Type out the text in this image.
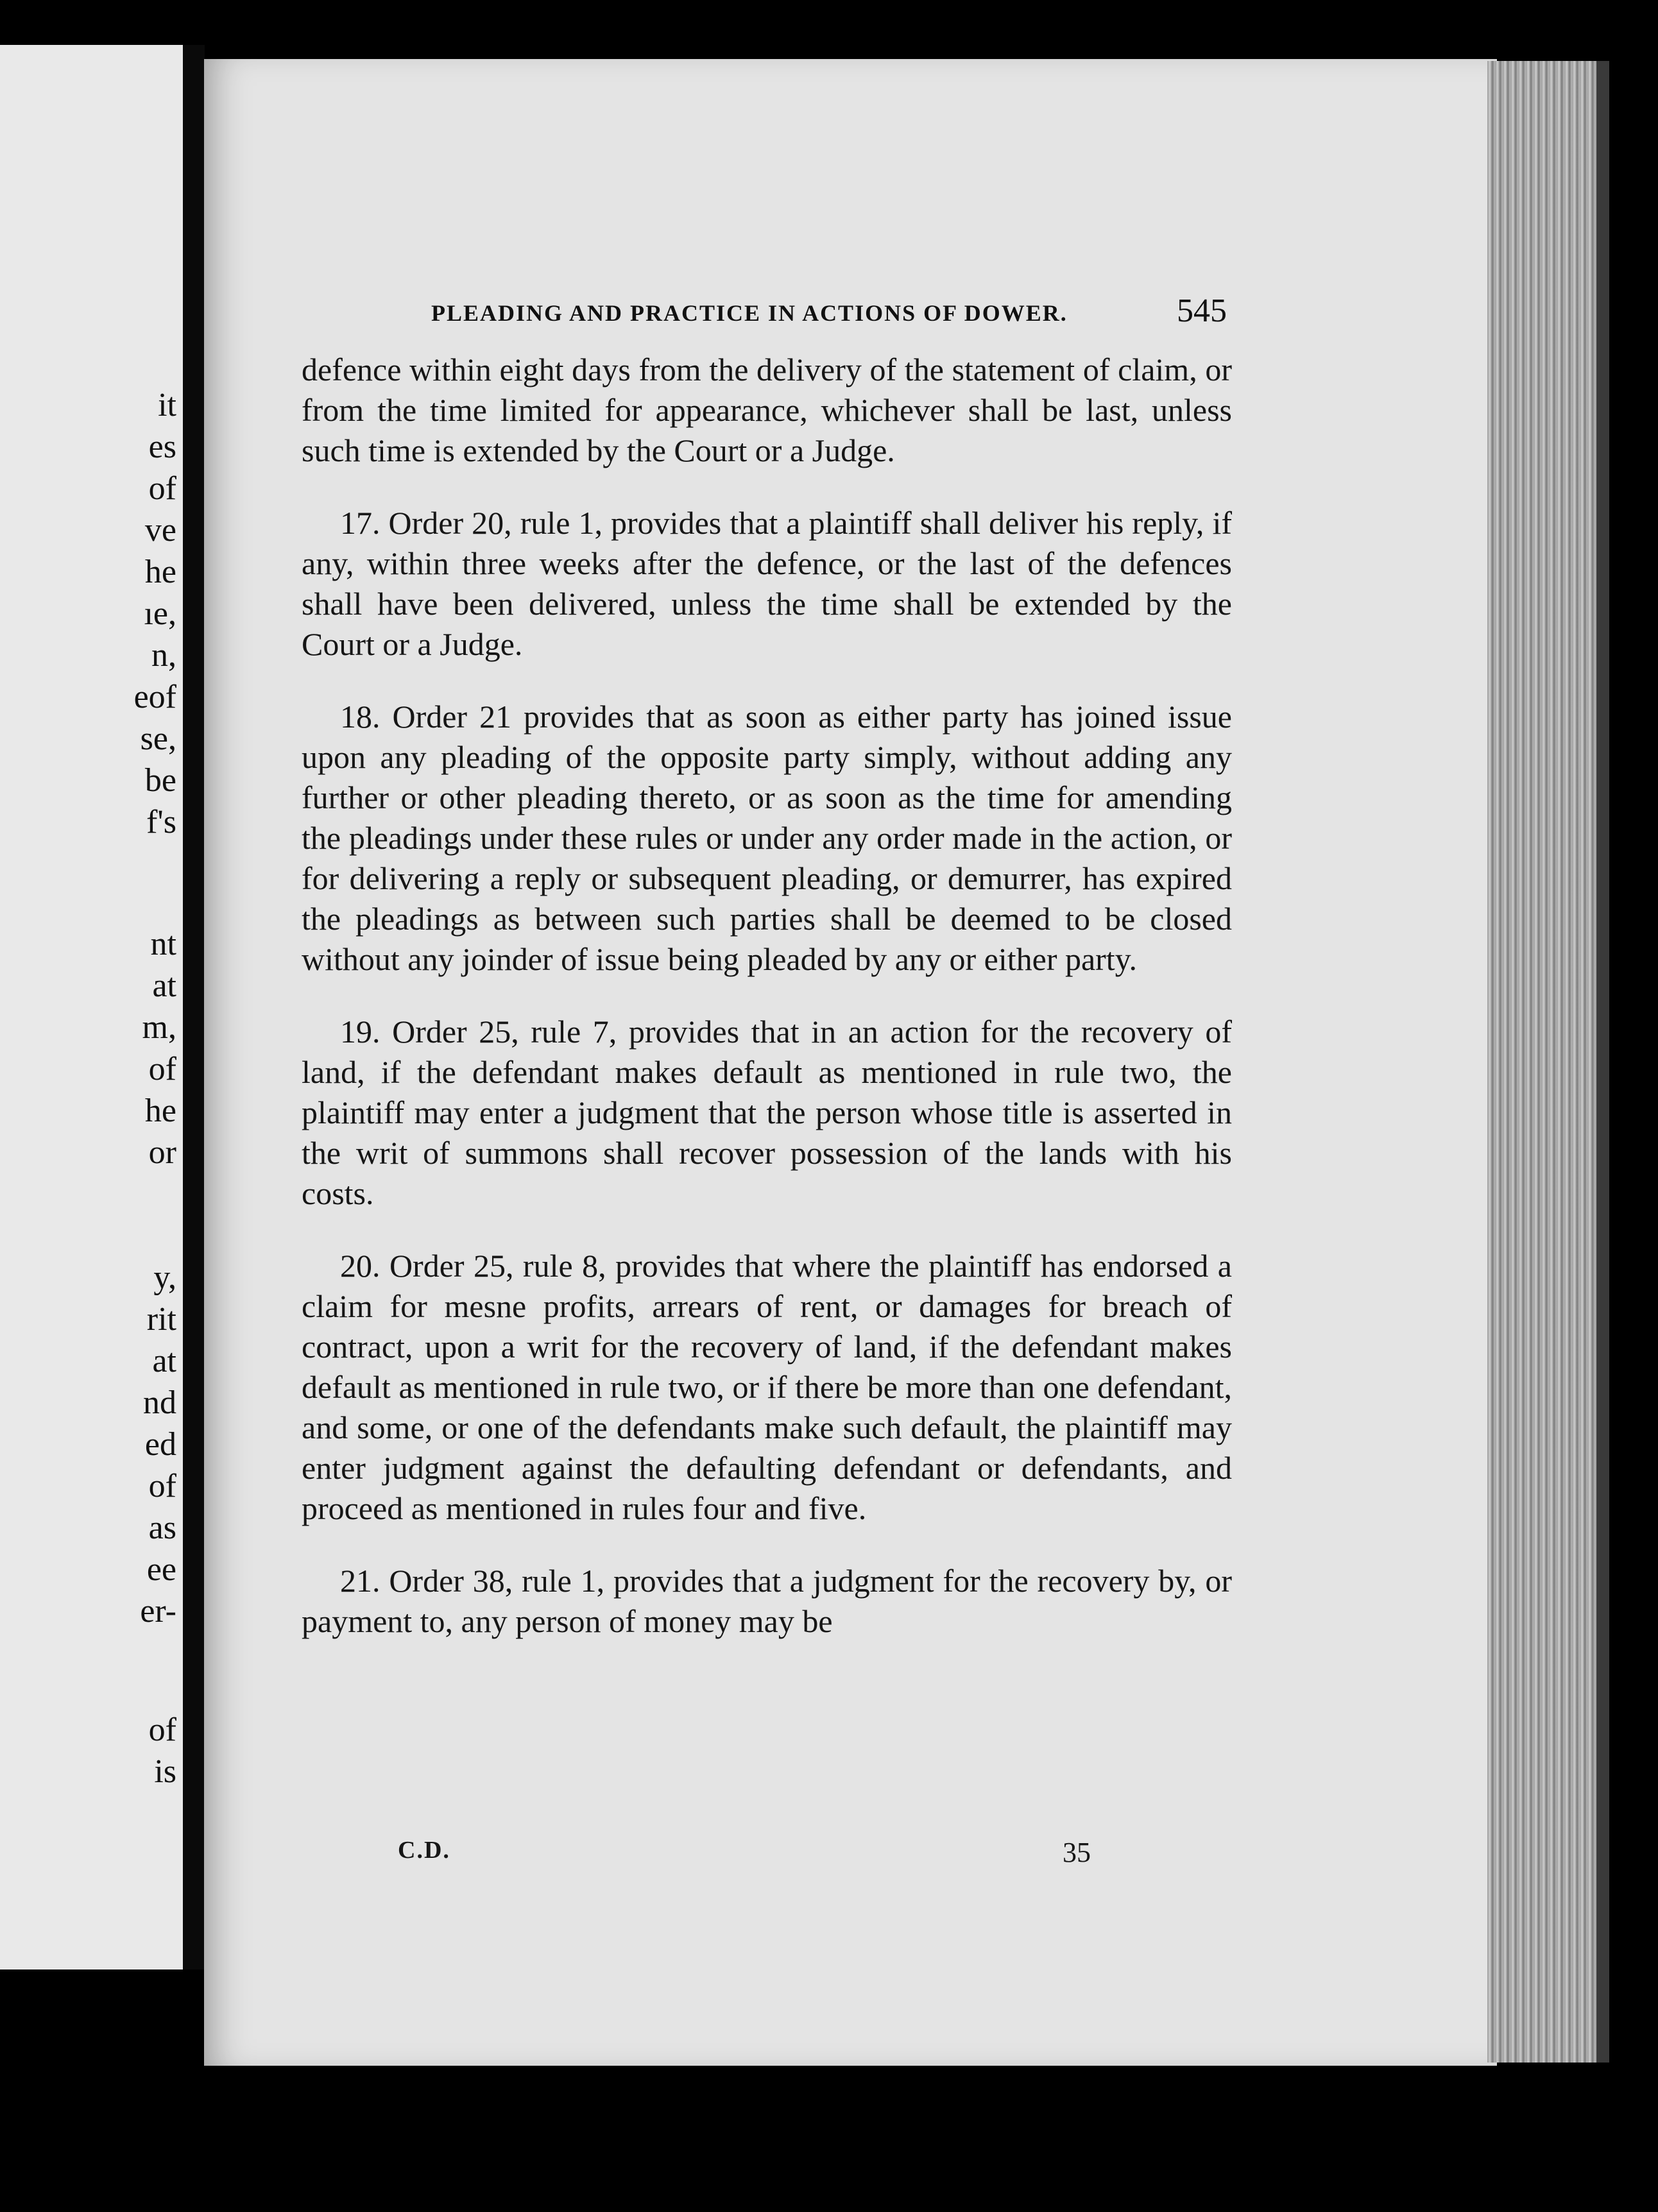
it
es
of
ve
he
ıe,
n,
eof
se,
be
f's
nt
at
m,
of
he
or
y,
rit
at
nd
ed
of
as
ee
er-
of
is
PLEADING AND PRACTICE IN ACTIONS OF DOWER.	545

defence within eight days from the delivery of the statement of claim, or from the time limited for appearance, whichever shall be last, unless such time is extended by the Court or a Judge.

17. Order 20, rule 1, provides that a plaintiff shall deliver his reply, if any, within three weeks after the defence, or the last of the defences shall have been delivered, unless the time shall be extended by the Court or a Judge.

18. Order 21 provides that as soon as either party has joined issue upon any pleading of the opposite party simply, without adding any further or other pleading thereto, or as soon as the time for amending the pleadings under these rules or under any order made in the action, or for delivering a reply or subsequent pleading, or demurrer, has expired the pleadings as between such parties shall be deemed to be closed without any joinder of issue being pleaded by any or either party.

19. Order 25, rule 7, provides that in an action for the recovery of land, if the defendant makes default as mentioned in rule two, the plaintiff may enter a judgment that the person whose title is asserted in the writ of summons shall recover possession of the lands with his costs.

20. Order 25, rule 8, provides that where the plaintiff has endorsed a claim for mesne profits, arrears of rent, or damages for breach of contract, upon a writ for the recovery of land, if the defendant makes default as mentioned in rule two, or if there be more than one defendant, and some, or one of the defendants make such default, the plaintiff may enter judgment against the defaulting defendant or defendants, and proceed as mentioned in rules four and five.

21. Order 38, rule 1, provides that a judgment for the recovery by, or payment to, any person of money may be

C.D.	35
